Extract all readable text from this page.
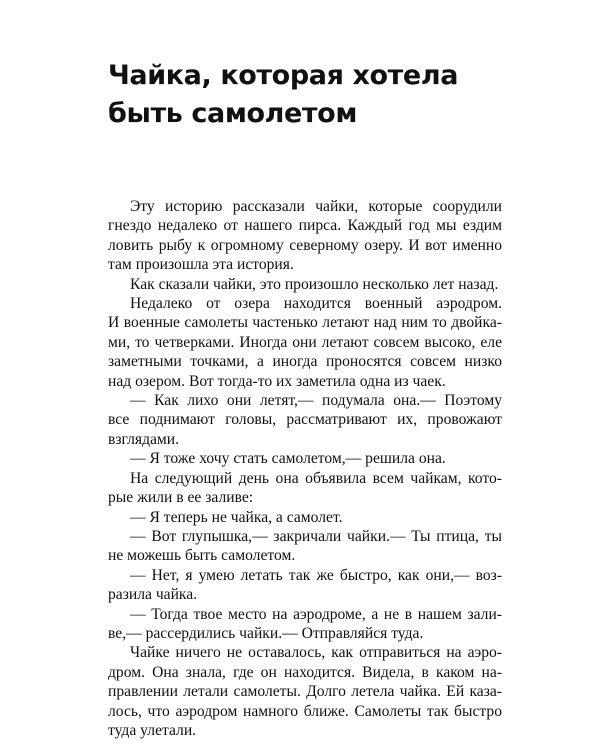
Чайка, которая хотела
быть самолетом

Эту историю рассказали чайки, которые соорудили
гнездо недалеко от нашего пирса. Каждый год мы ездим
ловить рыбу к огромному северному озеру. И вот именно
там произошла эта история.

Как сказали чайки, это произошло несколько лет назад.

Недалеко от озера находится военный аэродром.
И военные самолеты частенько летают над ним то двойка-
ми, то четверками. Иногда они летают совсем высоко, еле
заметными точками, а иногда проносятся совсем низко
над озером. Вот тогда-то их заметила одна из чаек.

— Как лихо они летят,— подумала она.— Поэтому
все поднимают головы, рассматривают их, провожают
взглядами.

— Я тоже хочу стать самолетом,— решила она.

На следующий день она объявила всем чайкам, кото-
рые жили в ее заливе:

— Я теперь не чайка, а самолет.

— Вот глупышка,— закричали чайки.— Ты птица, ты
не можешь быть самолетом.

— Нет, я умею летать так же быстро, как они,— воз-
разила чайка.

— Тогда твое место на аэродроме, а не в нашем зали-
ве,— рассердились чайки.— Отправляйся туда.

Чайке ничего не оставалось, как отправиться на аэро-
дром. Она знала, где он находится. Видела, в каком на-
правлении летали самолеты. Долго летела чайка. Ей каза-
лось, что аэродром намного ближе. Самолеты так быстро
туда улетали.
